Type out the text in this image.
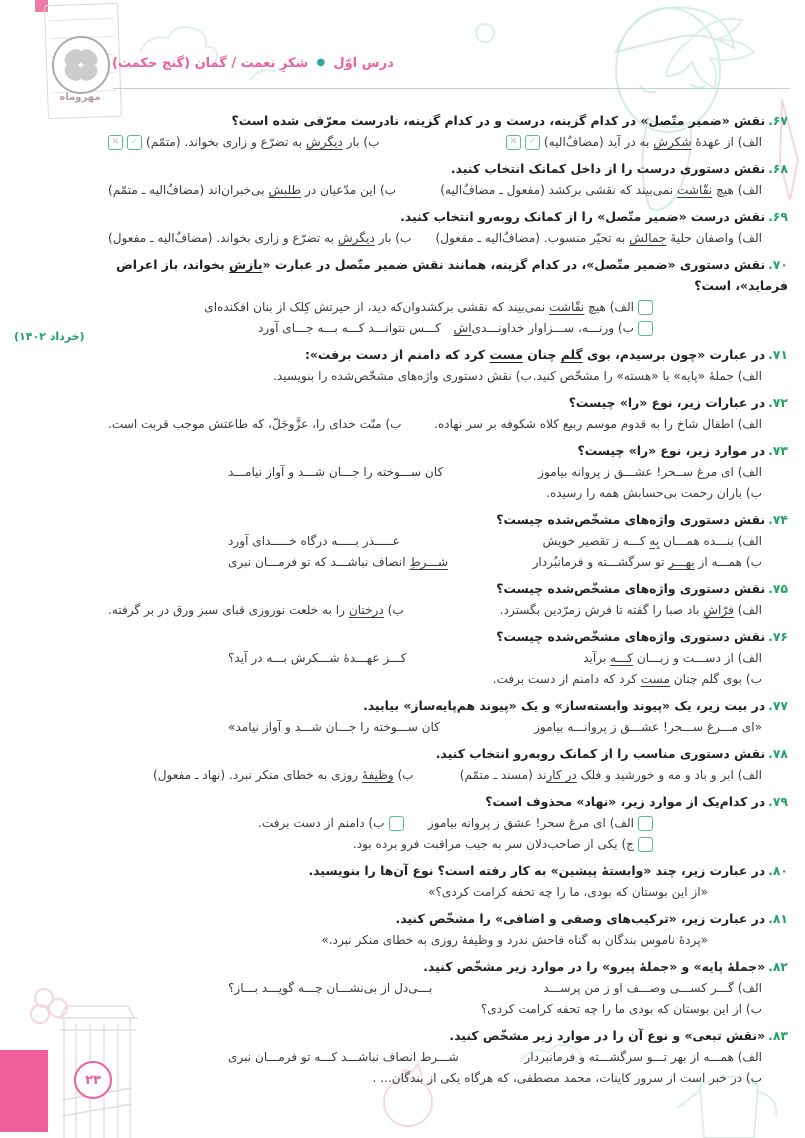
مهروماه
درس اوّل ● شکرِ نعمت / گمان (گنج حکمت)
(خرداد ۱۴۰۲)
۶۷.نقش «ضمیر متّصل» در کدام گزینه، درست و در کدام گزینه، نادرست معرّفی شده است؟
الف) از عهدهٔ شکرش به در آید (مضافٌ‌الیه)
✓
✕
ب) بار دیگرش به تضرّع و زاری بخواند. (متمّم)
✓
✕
۶۸.نقش دستوری درست را از داخل کمانک انتخاب کنید.
الف) هیچ نقّاشت نمی‌بیند که نقشی برکشد (مفعول ـ مضافٌ‌الیه)
ب) این مدّعیان در طلبش بی‌خبران‌اند (مضافٌ‌الیه ـ متمّم)
۶۹.نقش درست «ضمیر متّصل» را از کمانک روبه‌رو انتخاب کنید.
الف) واصفان حلیهٔ جمالش به تحیّر منسوب. (مضافٌ‌الیه ـ مفعول)
ب) بار دیگرش به تضرّع و زاری بخواند. (مضافٌ‌الیه ـ مفعول)
۷۰.نقش دستوری «ضمیر متّصل»، در کدام گزینه، همانند نقش ضمیر متّصل در عبارت «بازش بخواند، باز اعراض فرماید»، است؟
الف) هیچ نقّاشت نمی‌بیند که نقشی برکشد
وان‌که دید، از حیرتش کِلک از بنان افکنده‌ای
ب) ورنـــه، ســـزاوار خداونـــدی‌اش
کـــس نتوانـــد کـــه بـــه جـــای آورد
۷۱.در عبارت «چون برسیدم، بوی گلم چنان مست کرد که دامنم از دست برفت»:
الف) جملهٔ «پایه» یا «هسته» را مشخّص کنید.
ب) نقش دستوری واژه‌های مشخّص‌شده را بنویسید.
۷۲.در عبارات زیر، نوع «را» چیست؟
الف) اطفال شاخ را به قدوم موسم ربیع کلاه شکوفه بر سر نهاده.
ب) منّت خدای را، عزَّوجَلّ، که طاعتش موجب قربت است.
۷۳.در موارد زیر، نوع «را» چیست؟
الف) ای مرغ ســحر! عشـــق ز پروانه بیاموز
کان ســـوخته را جـــان شـــد و آواز نیامـــد
ب) باران رحمت بی‌حسابش همه را رسیده.
۷۴.نقش دستوری واژه‌های مشخّص‌شده چیست؟
الف) بنـــده همـــان بِه کـــه ز تقصیر خویش
عـــــذر بـــــه درگاه خـــــدای آورد
ب) همـــه از بهـــر تو سرگشـــته و فرمانبُردار
شـــرطِ انصاف نباشـــد که تو فرمـــان نبری
۷۵.نقش دستوری واژه‌های مشخّص‌شده چیست؟
الف) فرّاشِ باد صبا را گفته تا فرش زمرّدین بگسترد.
ب) درختان را به خلعت نوروزی قبای سبز ورق در بر گرفته.
۷۶.نقش دستوری واژه‌های مشخّص‌شده چیست؟
الف) از دســـت و زبـــان کـــه برآید
کـــز عهـــدهٔ شـــکرش بـــه در آید؟
ب) بوی گلم چنان مست کرد که دامنم از دست برفت.
۷۷.در بیت زیر، یک «پیوند وابسته‌ساز» و یک «پیوند هم‌پایه‌ساز» بیابید.
«ای مـــرغ ســـحر! عشـــق ز پروانـــه بیاموز
کان ســـوخته را جـــان شـــد و آواز نیامد»
۷۸.نقش دستوری مناسب را از کمانک روبه‌رو انتخاب کنید.
الف) ابر و باد و مه و خورشید و فلک در کارند (مسند ـ متمّم)
ب) وظیفهٔ روزی به خطای منکر نبرد. (نهاد ـ مفعول)
۷۹.در کدام‌یک از موارد زیر، «نهاد» محذوف است؟
الف) ای مرغ سحر! عشق ز پروانه بیاموز
ب) دامنم از دست برفت.
ج) یکی از صاحب‌دلان سر به جیب مراقبت فرو برده بود.
۸۰.در عبارت زیر، چند «وابستهٔ پیشین» به کار رفته است؟ نوع آن‌ها را بنویسید.
«از این بوستان که بودی، ما را چه تحفه کرامت کردی؟»
۸۱.در عبارت زیر، «ترکیب‌های وصفی و اضافی» را مشخّص کنید.
«پردهٔ ناموس بندگان به گناه فاحش ندرد و وظیفهٔ روزی به خطای منکر نبرد.»
۸۲.«جملهٔ پایه» و «جملهٔ پیرو» را در موارد زیر مشخّص کنید.
الف) گـــر کســـی وصـــف او ز من پرســـد
بـــی‌دل از بی‌نشـــان چـــه گویـــد بـــاز؟
ب) از این بوستان که بودی ما را چه تحفه کرامت کردی؟
۸۳.«نقش تبعی» و نوع آن را در موارد زیر مشخّص کنید.
الف) همـــه از بهر تـــو سرگشـــته و فرمانبردار
شـــرط انصاف نباشـــد کـــه تو فرمـــان نبری
ب) در خبر است از سرور کاینات، محمد مصطفی، که هرگاه یکی از بندگان... .
۲۳
